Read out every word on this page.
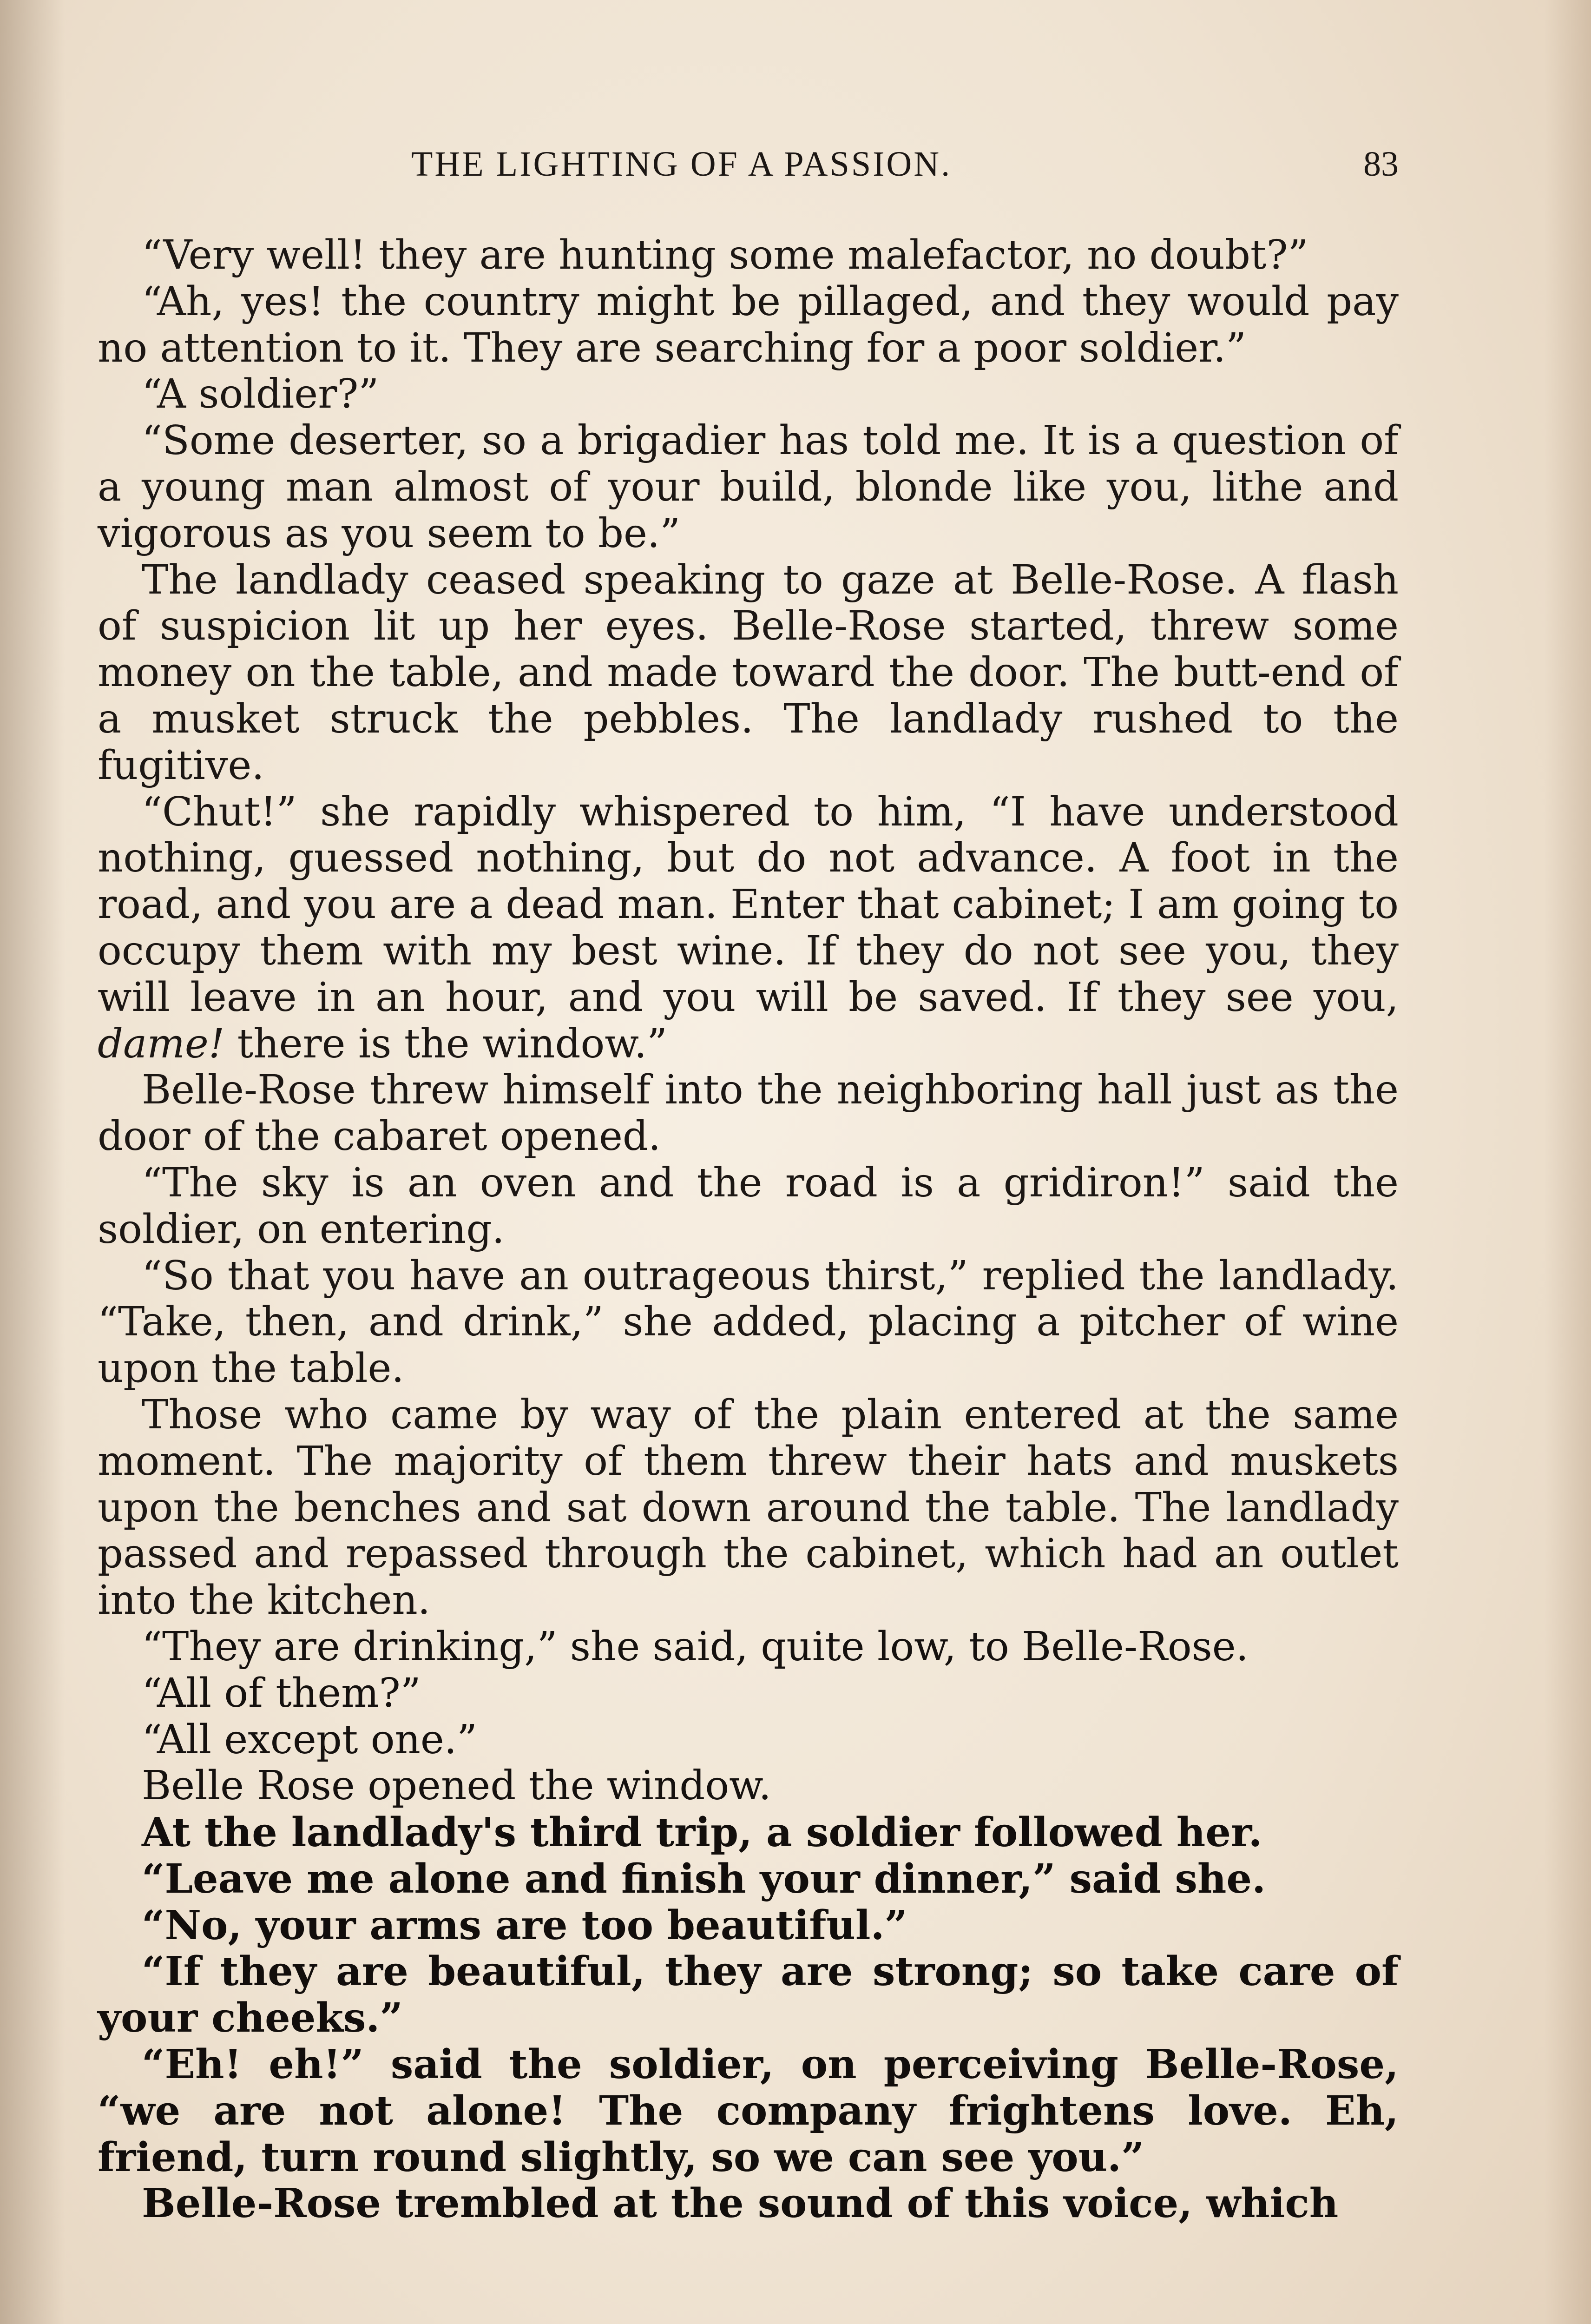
THE LIGHTING OF A PASSION.	83

“Very well! they are hunting some malefactor, no doubt?”

“Ah, yes! the country might be pillaged, and they would pay no attention to it. They are searching for a poor soldier.”

“A soldier?”

“Some deserter, so a brigadier has told me. It is a question of a young man almost of your build, blonde like you, lithe and vigorous as you seem to be.”

The landlady ceased speaking to gaze at Belle-Rose. A flash of suspicion lit up her eyes. Belle-Rose started, threw some money on the table, and made toward the door. The butt-end of a musket struck the pebbles. The landlady rushed to the fugitive.

“Chut!” she rapidly whispered to him, “I have understood nothing, guessed nothing, but do not advance. A foot in the road, and you are a dead man. Enter that cabinet; I am going to occupy them with my best wine. If they do not see you, they will leave in an hour, and you will be saved. If they see you, dame! there is the window.”

Belle-Rose threw himself into the neighboring hall just as the door of the cabaret opened.

“The sky is an oven and the road is a gridiron!” said the soldier, on entering.

“So that you have an outrageous thirst,” replied the landlady. “Take, then, and drink,” she added, placing a pitcher of wine upon the table.

Those who came by way of the plain entered at the same moment. The majority of them threw their hats and muskets upon the benches and sat down around the table. The landlady passed and repassed through the cabinet, which had an outlet into the kitchen.

“They are drinking,” she said, quite low, to Belle-Rose.

“All of them?”

“All except one.”

Belle Rose opened the window.

At the landlady's third trip, a soldier followed her.

“Leave me alone and finish your dinner,” said she.

“No, your arms are too beautiful.”

“If they are beautiful, they are strong; so take care of your cheeks.”

“Eh! eh!” said the soldier, on perceiving Belle-Rose, “we are not alone! The company frightens love. Eh, friend, turn round slightly, so we can see you.”

Belle-Rose trembled at the sound of this voice, which
